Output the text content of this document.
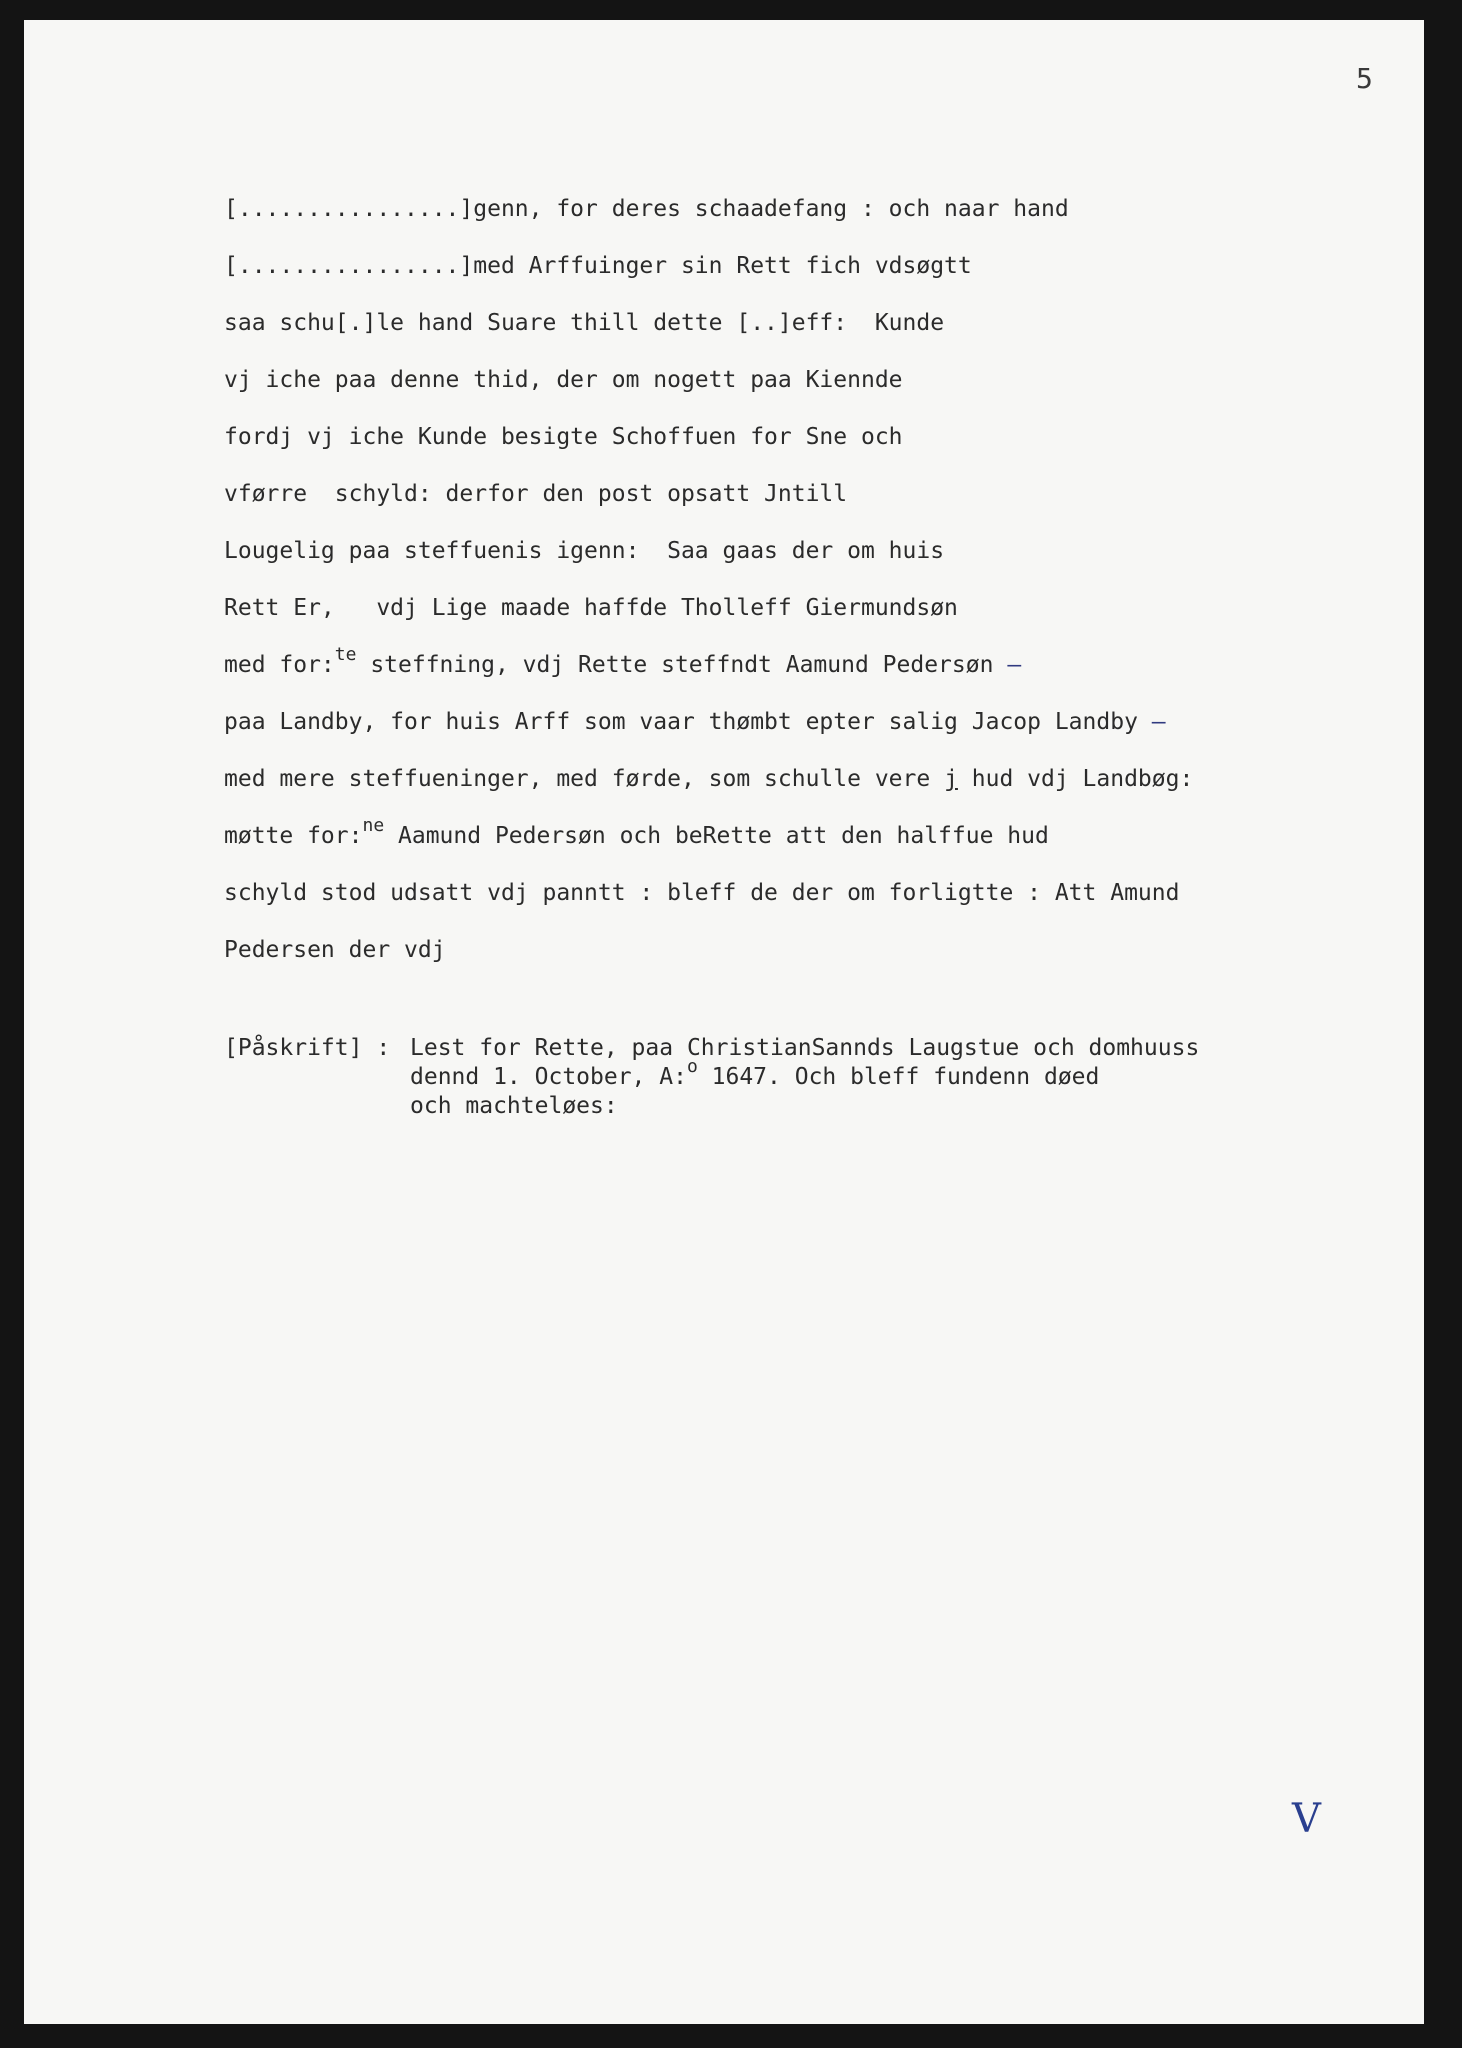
5
[................]genn, for deres schaadefang : och naar hand
[................]med Arffuinger sin Rett fich vdsøgtt
saa schu[.]le hand Suare thill dette [..]eff:  Kunde
vj iche paa denne thid, der om nogett paa Kiennde
fordj vj iche Kunde besigte Schoffuen for Sne och
vførre  schyld: derfor den post opsatt Jntill
Lougelig paa steffuenis igenn:  Saa gaas der om huis
Rett Er,   vdj Lige maade haffde Tholleff Giermundsøn
med for:$^{te}$ steffning, vdj Rette steffndt Aamund Pedersøn —
paa Landby, for huis Arff som vaar thømbt epter salig Jacop Landby —
med mere steffueninger, med førde, som schulle vere j hud vdj Landbøg:
møtte for:$^{ne}$ Aamund Pedersøn och beRette att den halffue hud
schyld stod udsatt vdj panntt : bleff de der om forligtte : Att Amund
Pedersen der vdj
[Påskrift] : Lest for Rette, paa ChristianSannds Laugstue och domhuuss
dennd 1. October, A:$^o$ 1647. Och bleff fundenn døed
och machteløes:
V
